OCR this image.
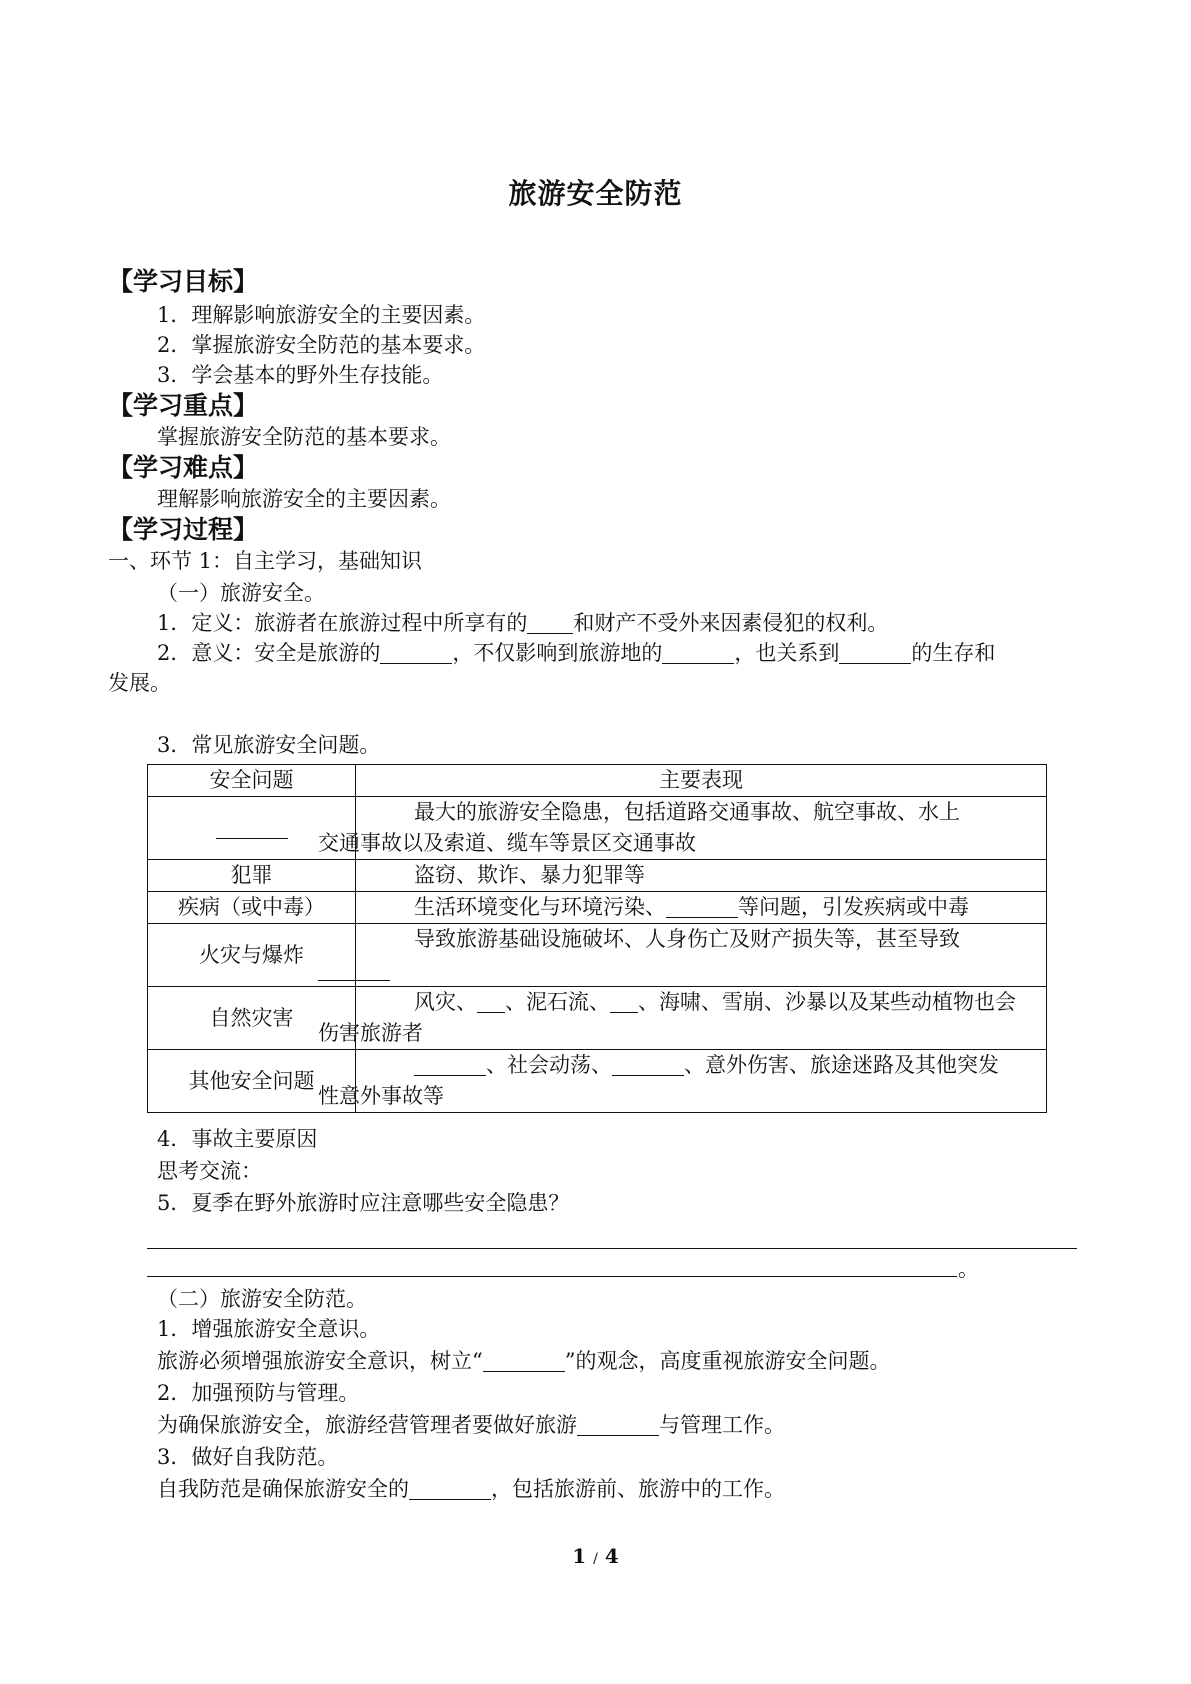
旅游安全防范
【学习目标】
1．理解影响旅游安全的主要因素。
2．掌握旅游安全防范的基本要求。
3．学会基本的野外生存技能。
【学习重点】
掌握旅游安全防范的基本要求。
【学习难点】
理解影响旅游安全的主要因素。
【学习过程】
一、环节 1：自主学习，基础知识
（一）旅游安全。
1．定义：旅游者在旅游过程中所享有的 和财产不受外来因素侵犯的权利。
2．意义：安全是旅游的	，不仅影响到旅游地的	，也关系到	的生存和
发展。
3．常见旅游安全问题。
安全问题	主要表现
	最大的旅游安全隐患，包括道路交通事故、航空事故、水上
交通事故以及索道、缆车等景区交通事故
犯罪	盗窃、欺诈、暴力犯罪等
疾病（或中毒）	生活环境变化与环境污染、 等问题，引发疾病或中毒
火灾与爆炸	导致旅游基础设施破坏、人身伤亡及财产损失等，甚至导致

自然灾害	风灾、 、泥石流、 、海啸、雪崩、沙暴以及某些动植物也会
伤害旅游者
其他安全问题	、社会动荡、 、意外伤害、旅途迷路及其他突发
性意外事故等
4．事故主要原因
思考交流：
5．夏季在野外旅游时应注意哪些安全隐患？
。
（二）旅游安全防范。
1．增强旅游安全意识。
旅游必须增强旅游安全意识，树立“	”的观念，高度重视旅游安全问题。
2．加强预防与管理。
为确保旅游安全，旅游经营管理者要做好旅游	与管理工作。
3．做好自我防范。
自我防范是确保旅游安全的	，包括旅游前、旅游中的工作。
1 / 4
